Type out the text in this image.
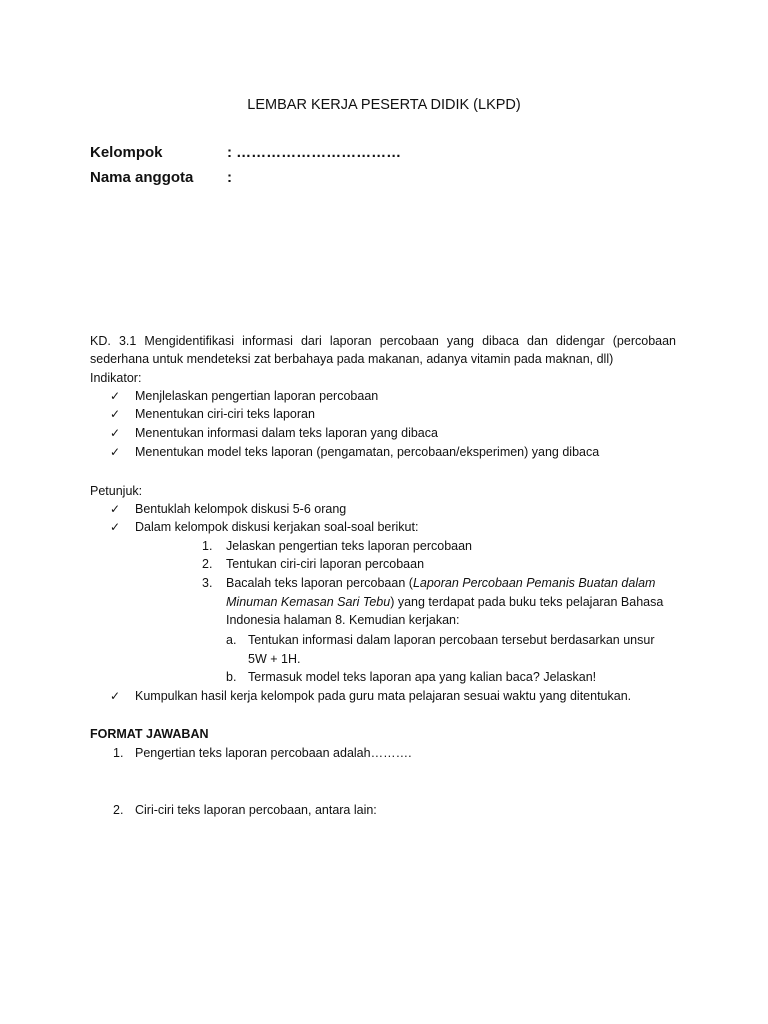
LEMBAR KERJA PESERTA DIDIK (LKPD)
Kelompok	: ……………………………
Nama anggota :
KD. 3.1 Mengidentifikasi informasi dari laporan percobaan yang dibaca dan didengar (percobaan sederhana untuk mendeteksi zat berbahaya pada makanan, adanya vitamin pada maknan, dll)
Indikator:
✓ Menjlelaskan pengertian laporan percobaan
✓ Menentukan ciri-ciri teks laporan
✓ Menentukan informasi dalam teks laporan yang dibaca
✓ Menentukan model teks laporan (pengamatan, percobaan/eksperimen) yang dibaca
Petunjuk:
✓ Bentuklah kelompok diskusi 5-6 orang
✓ Dalam kelompok diskusi kerjakan soal-soal berikut:
1. Jelaskan pengertian teks laporan percobaan
2. Tentukan ciri-ciri laporan percobaan
3. Bacalah teks laporan percobaan (Laporan Percobaan Pemanis Buatan dalam
Minuman Kemasan Sari Tebu) yang terdapat pada buku teks pelajaran Bahasa
Indonesia halaman 8. Kemudian kerjakan:
a. Tentukan informasi dalam laporan percobaan tersebut berdasarkan unsur
5W + 1H.
b. Termasuk model teks laporan apa yang kalian baca? Jelaskan!
✓ Kumpulkan hasil kerja kelompok pada guru mata pelajaran sesuai waktu yang ditentukan.
FORMAT JAWABAN
1. Pengertian teks laporan percobaan adalah……….
2. Ciri-ciri teks laporan percobaan, antara lain:
